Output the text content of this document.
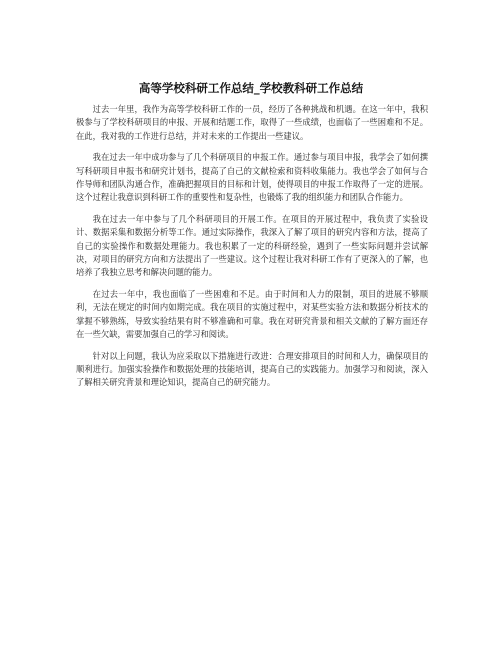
高等学校科研工作总结_学校教科研工作总结

过去一年里，我作为高等学校科研工作的一员，经历了各种挑战和机遇。在这一年中，我积极参与了学校科研项目的申报、开展和结题工作，取得了一些成绩，也面临了一些困难和不足。在此，我对我的工作进行总结，并对未来的工作提出一些建议。

我在过去一年中成功参与了几个科研项目的申报工作。通过参与项目申报，我学会了如何撰写科研项目申报书和研究计划书，提高了自己的文献检索和资料收集能力。我也学会了如何与合作导师和团队沟通合作，准确把握项目的目标和计划，使得项目的申报工作取得了一定的进展。这个过程让我意识到科研工作的重要性和复杂性，也锻炼了我的组织能力和团队合作能力。

我在过去一年中参与了几个科研项目的开展工作。在项目的开展过程中，我负责了实验设计、数据采集和数据分析等工作。通过实际操作，我深入了解了项目的研究内容和方法，提高了自己的实验操作和数据处理能力。我也积累了一定的科研经验，遇到了一些实际问题并尝试解决，对项目的研究方向和方法提出了一些建议。这个过程让我对科研工作有了更深入的了解，也培养了我独立思考和解决问题的能力。

在过去一年中，我也面临了一些困难和不足。由于时间和人力的限制，项目的进展不够顺利，无法在规定的时间内如期完成。我在项目的实施过程中，对某些实验方法和数据分析技术的掌握不够熟练，导致实验结果有时不够准确和可靠。我在对研究背景和相关文献的了解方面还存在一些欠缺，需要加强自己的学习和阅读。

针对以上问题，我认为应采取以下措施进行改进：合理安排项目的时间和人力，确保项目的顺利进行。加强实验操作和数据处理的技能培训，提高自己的实践能力。加强学习和阅读，深入了解相关研究背景和理论知识，提高自己的研究能力。
